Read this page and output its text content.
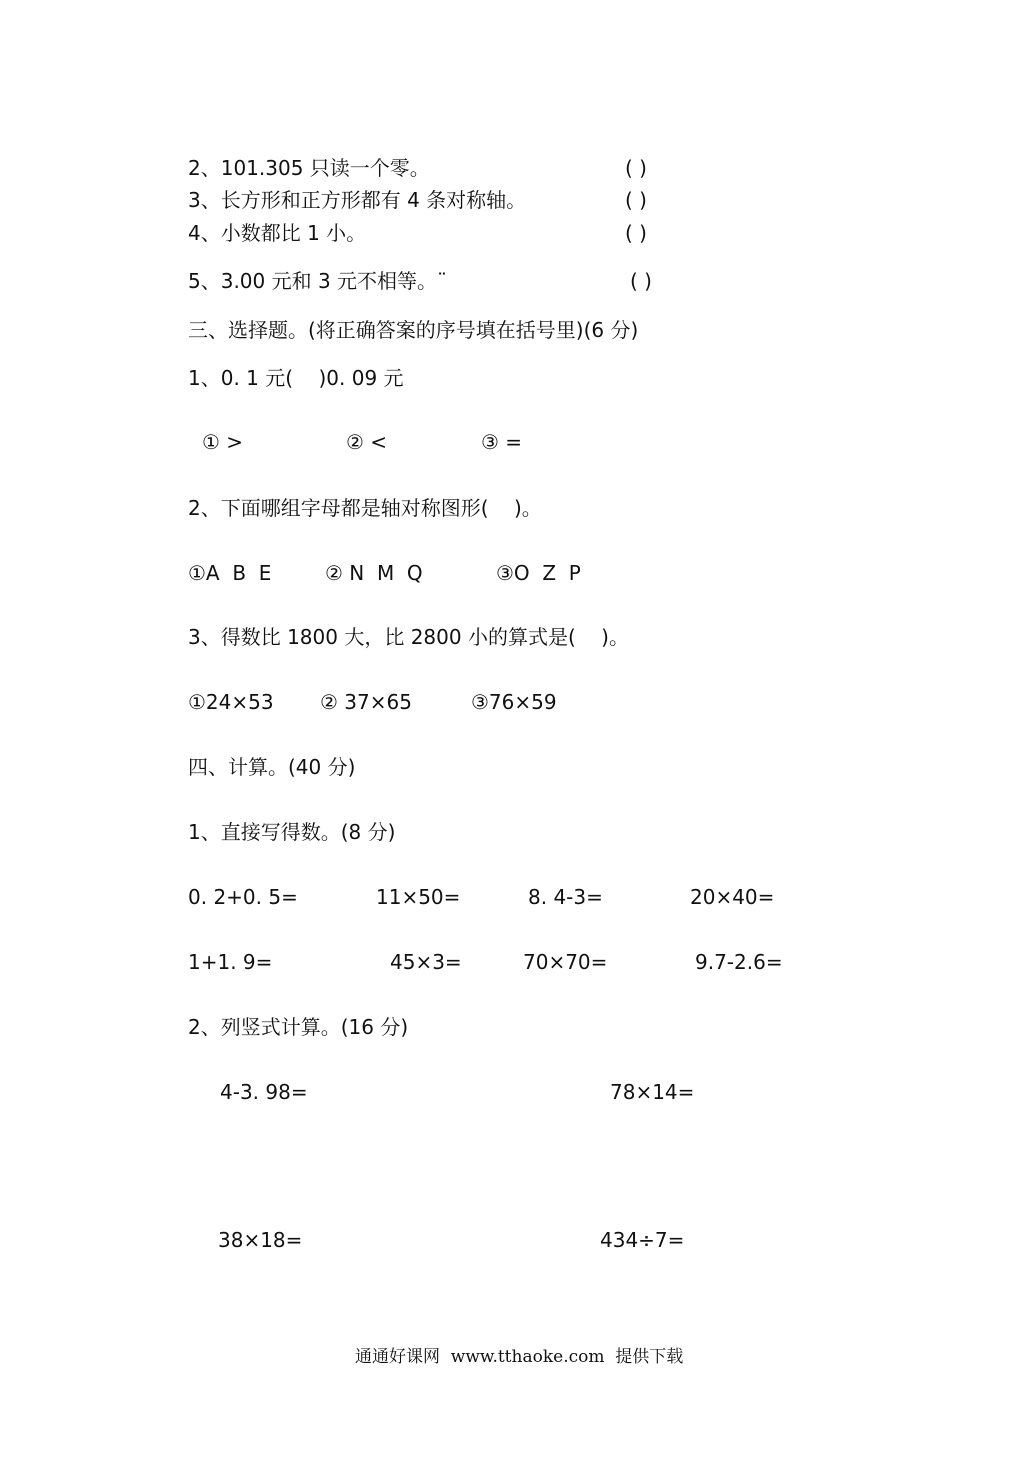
2、101.305 只读一个零。	( )
3、长方形和正方形都有 4 条对称轴。	( )
4、小数都比 1 小。	( )
5、3.00 元和 3 元不相等。¨	( )
三、选择题。(将正确答案的序号填在括号里)(6 分)
1、0. 1 元(    )0. 09 元
① >	② <	③ =
2、下面哪组字母都是轴对称图形(    )。
①A  B  E	② N  M  Q	③O  Z  P
3、得数比 1800 大，比 2800 小的算式是(    )。
①24×53 ② 37×65	③76×59
四、计算。(40 分)
1、直接写得数。(8 分)
0. 2+0. 5=	11×50=	8. 4-3=	20×40=
1+1. 9=	45×3=	70×70=	9.7-2.6=
2、列竖式计算。(16 分)
4-3. 98=	78×14=
38×18=	434÷7=
通通好课网  www.tthaoke.com  提供下载
